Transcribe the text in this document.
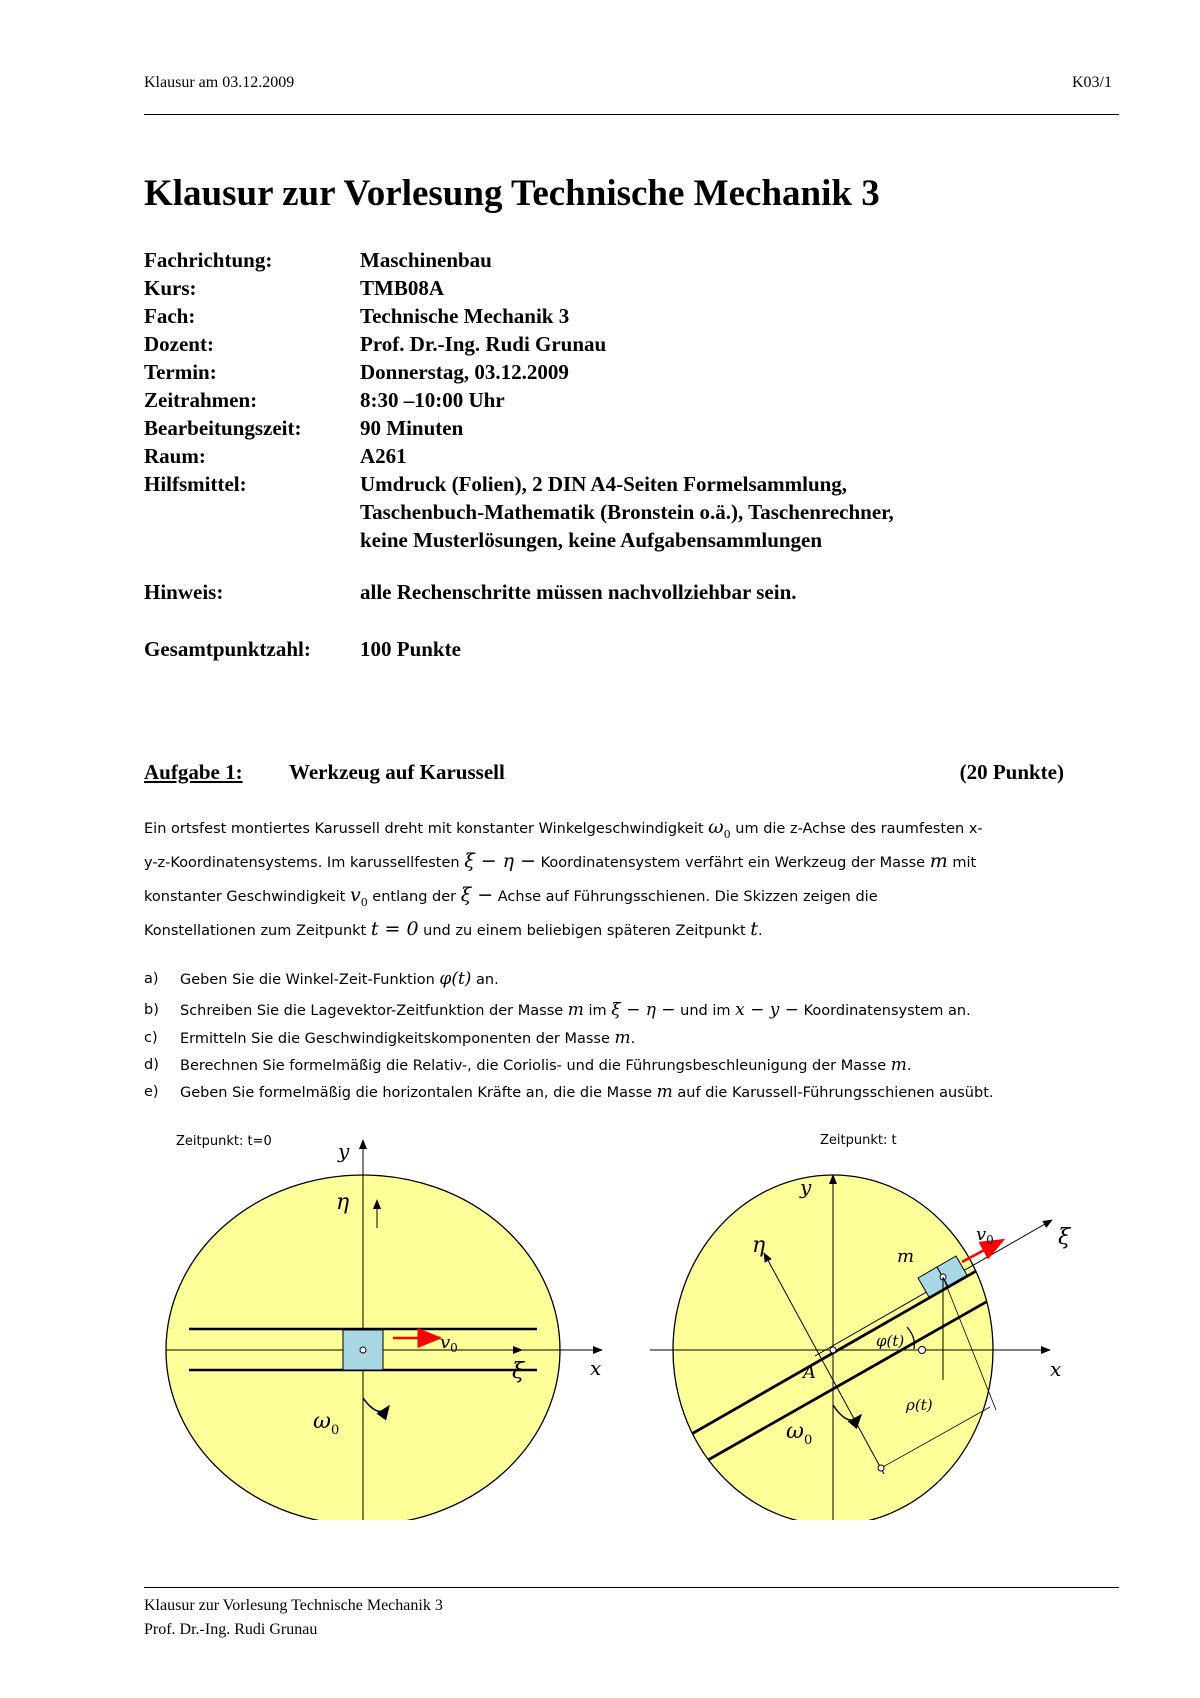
Klausur am 03.12.2009	K03/1
Klausur zur Vorlesung Technische Mechanik 3
Fachrichtung:	Maschinenbau
Kurs:	TMB08A
Fach:	Technische Mechanik 3
Dozent:	Prof. Dr.-Ing. Rudi Grunau
Termin:	Donnerstag, 03.12.2009
Zeitrahmen:	8:30 –10:00 Uhr
Bearbeitungszeit:	90 Minuten
Raum:	A261
Hilfsmittel:	Umdruck (Folien), 2 DIN A4-Seiten Formelsammlung,
Taschenbuch-Mathematik (Bronstein o.ä.), Taschenrechner,
keine Musterlösungen, keine Aufgabensammlungen
Hinweis:	alle Rechenschritte müssen nachvollziehbar sein.
Gesamtpunktzahl: 100 Punkte
Aufgabe 1: Werkzeug auf Karussell	(20 Punkte)
Ein ortsfest montiertes Karussell dreht mit konstanter Winkelgeschwindigkeit $\omega_0$ um die z-Achse des raumfesten x-
y-z-Koordinatensystems. Im karussellfesten ξ − η − Koordinatensystem verfährt ein Werkzeug der Masse m mit
konstanter Geschwindigkeit $v_0$ entlang der ξ − Achse auf Führungsschienen. Die Skizzen zeigen die
Konstellationen zum Zeitpunkt t = 0 und zu einem beliebigen späteren Zeitpunkt t.
a) Geben Sie die Winkel-Zeit-Funktion φ(t) an.
b) Schreiben Sie die Lagevektor-Zeitfunktion der Masse m im ξ − η − und im x − y − Koordinatensystem an.
c) Ermitteln Sie die Geschwindigkeitskomponenten der Masse m.
d) Berechnen Sie formelmäßig die Relativ-, die Coriolis- und die Führungsbeschleunigung der Masse m.
e) Geben Sie formelmäßig die horizontalen Kräfte an, die die Masse m auf die Karussell-Führungsschienen ausübt.
Zeitpunkt: t=0
$v_0$
ξ	x
y
η
$\omega_0$
Zeitpunkt: t
$v_0$	ξ
x
y
η	m
A
φ(t)
ρ(t)
$\omega_0$
Klausur zur Vorlesung Technische Mechanik 3
Prof. Dr.-Ing. Rudi Grunau
